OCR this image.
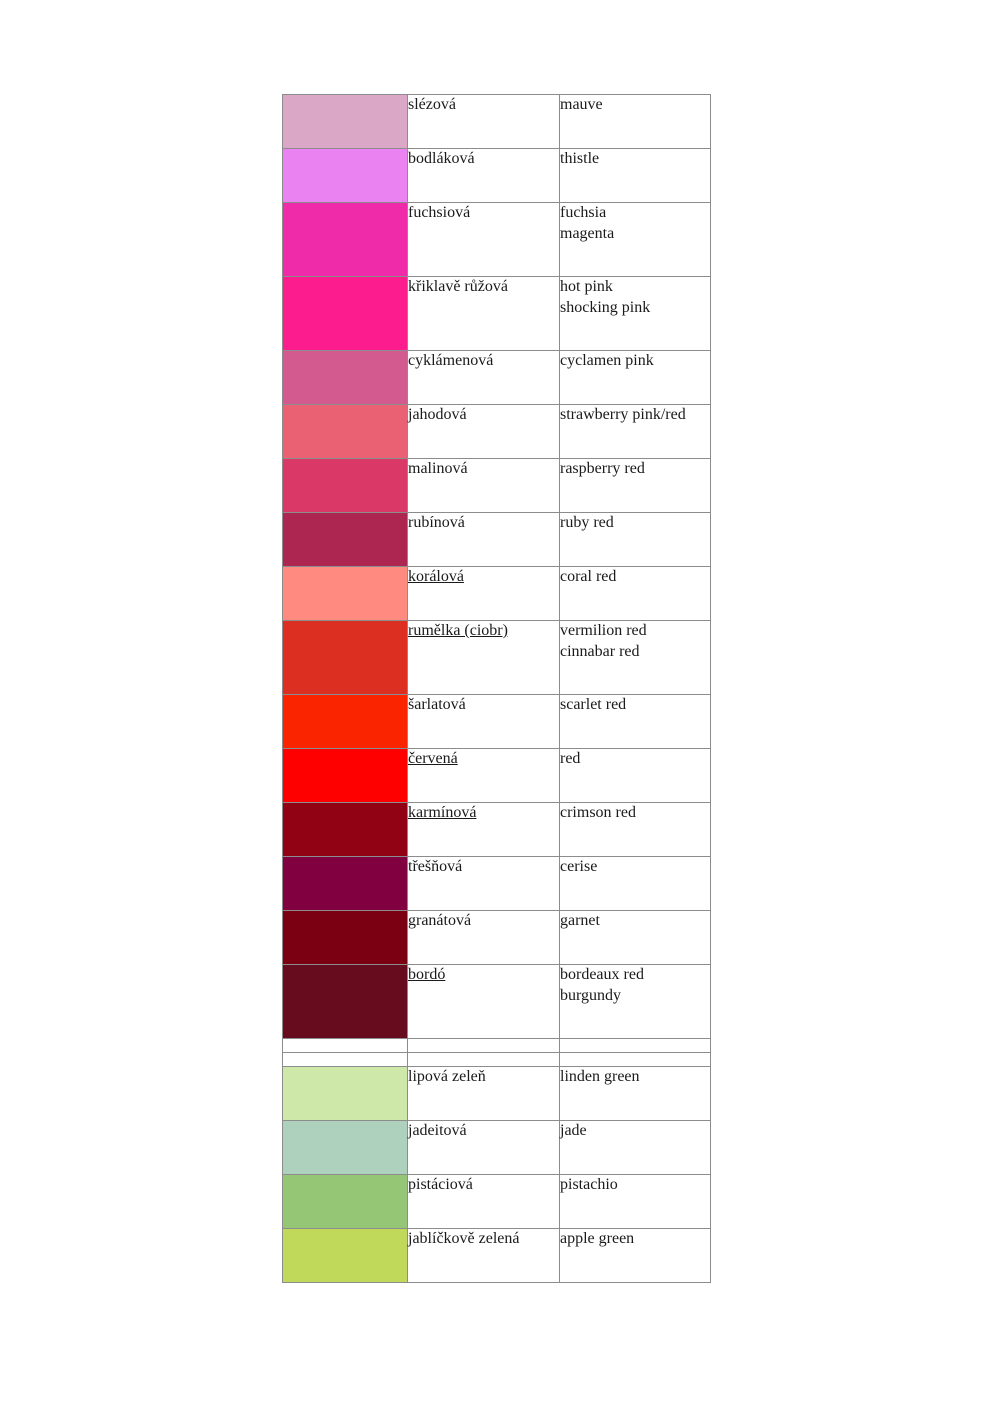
	slézová	mauve

	bodláková	thistle

	fuchsiová	fuchsia
magenta

	křiklavě růžová	hot pink
shocking pink

	cyklámenová	cyclamen pink

	jahodová	strawberry pink/red

	malinová	raspberry red

	rubínová	ruby red

	korálová	coral red

	rumělka (ciobr)	vermilion red
cinnabar red

	šarlatová	scarlet red

	červená	red

	karmínová	crimson red

	třešňová	cerise

	granátová	garnet

	bordó	bordeaux red
burgundy

	lipová zeleň	linden green

	jadeitová	jade

	pistáciová	pistachio

	jablíčkově zelená	apple green
